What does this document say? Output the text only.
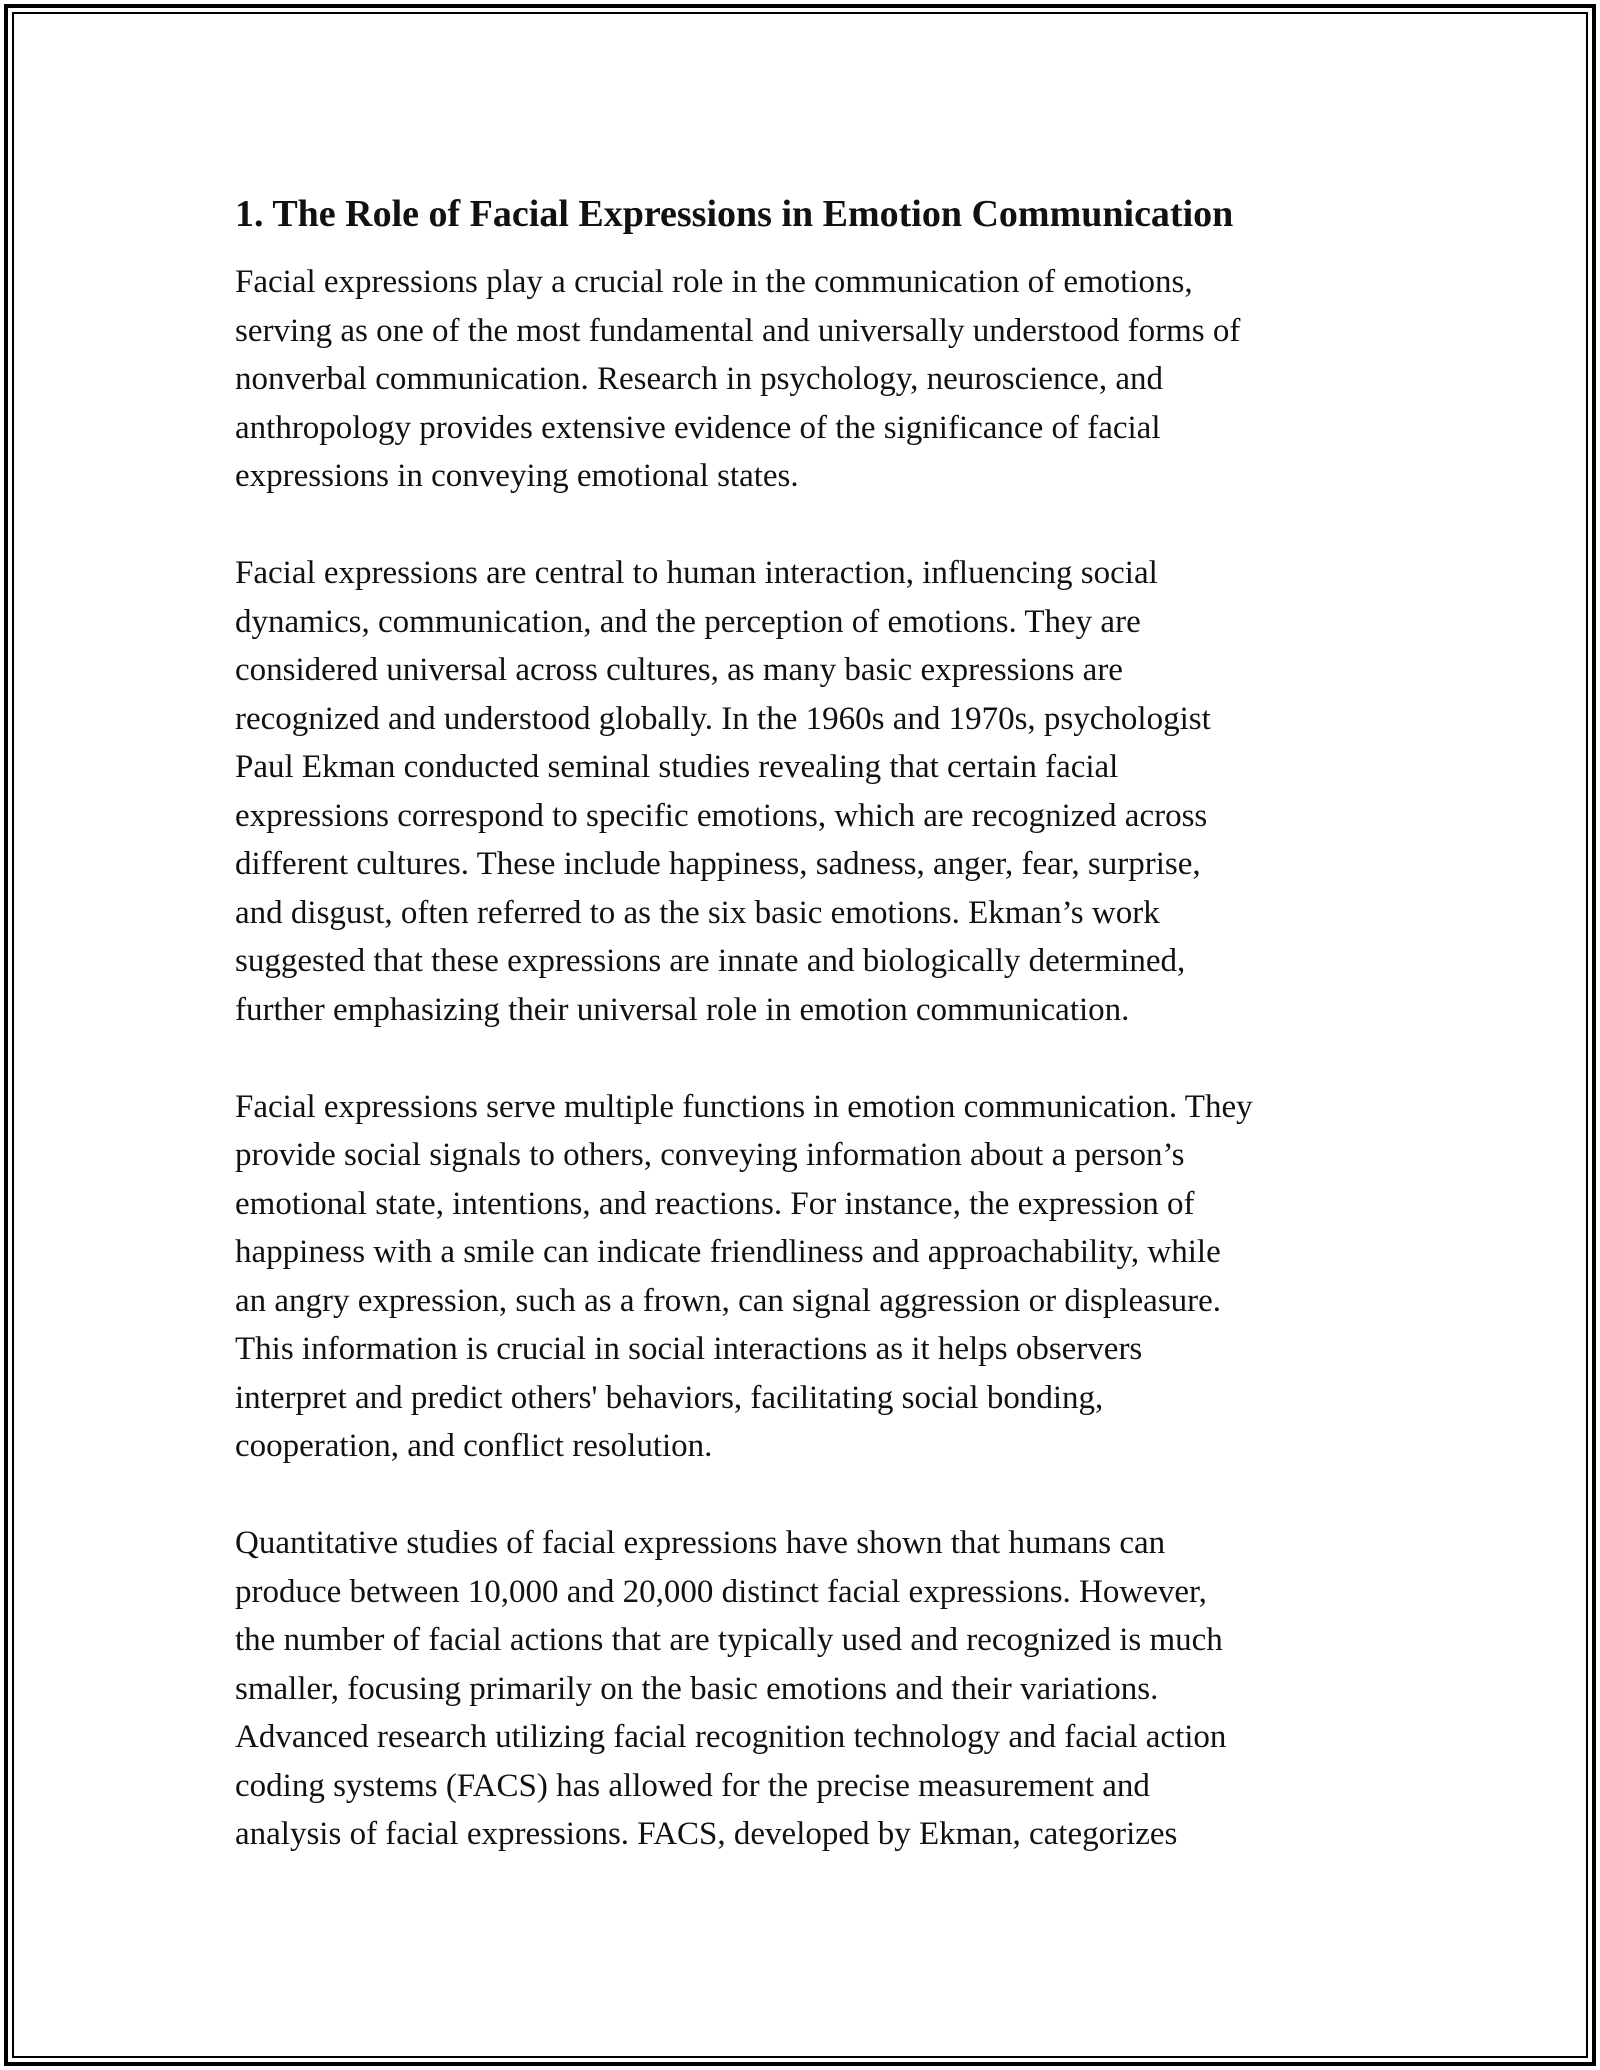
1. The Role of Facial Expressions in Emotion Communication

Facial expressions play a crucial role in the communication of emotions,
serving as one of the most fundamental and universally understood forms of
nonverbal communication. Research in psychology, neuroscience, and
anthropology provides extensive evidence of the significance of facial
expressions in conveying emotional states.

Facial expressions are central to human interaction, influencing social
dynamics, communication, and the perception of emotions. They are
considered universal across cultures, as many basic expressions are
recognized and understood globally. In the 1960s and 1970s, psychologist
Paul Ekman conducted seminal studies revealing that certain facial
expressions correspond to specific emotions, which are recognized across
different cultures. These include happiness, sadness, anger, fear, surprise,
and disgust, often referred to as the six basic emotions. Ekman’s work
suggested that these expressions are innate and biologically determined,
further emphasizing their universal role in emotion communication.

Facial expressions serve multiple functions in emotion communication. They
provide social signals to others, conveying information about a person’s
emotional state, intentions, and reactions. For instance, the expression of
happiness with a smile can indicate friendliness and approachability, while
an angry expression, such as a frown, can signal aggression or displeasure.
This information is crucial in social interactions as it helps observers
interpret and predict others' behaviors, facilitating social bonding,
cooperation, and conflict resolution.

Quantitative studies of facial expressions have shown that humans can
produce between 10,000 and 20,000 distinct facial expressions. However,
the number of facial actions that are typically used and recognized is much
smaller, focusing primarily on the basic emotions and their variations.
Advanced research utilizing facial recognition technology and facial action
coding systems (FACS) has allowed for the precise measurement and
analysis of facial expressions. FACS, developed by Ekman, categorizes
